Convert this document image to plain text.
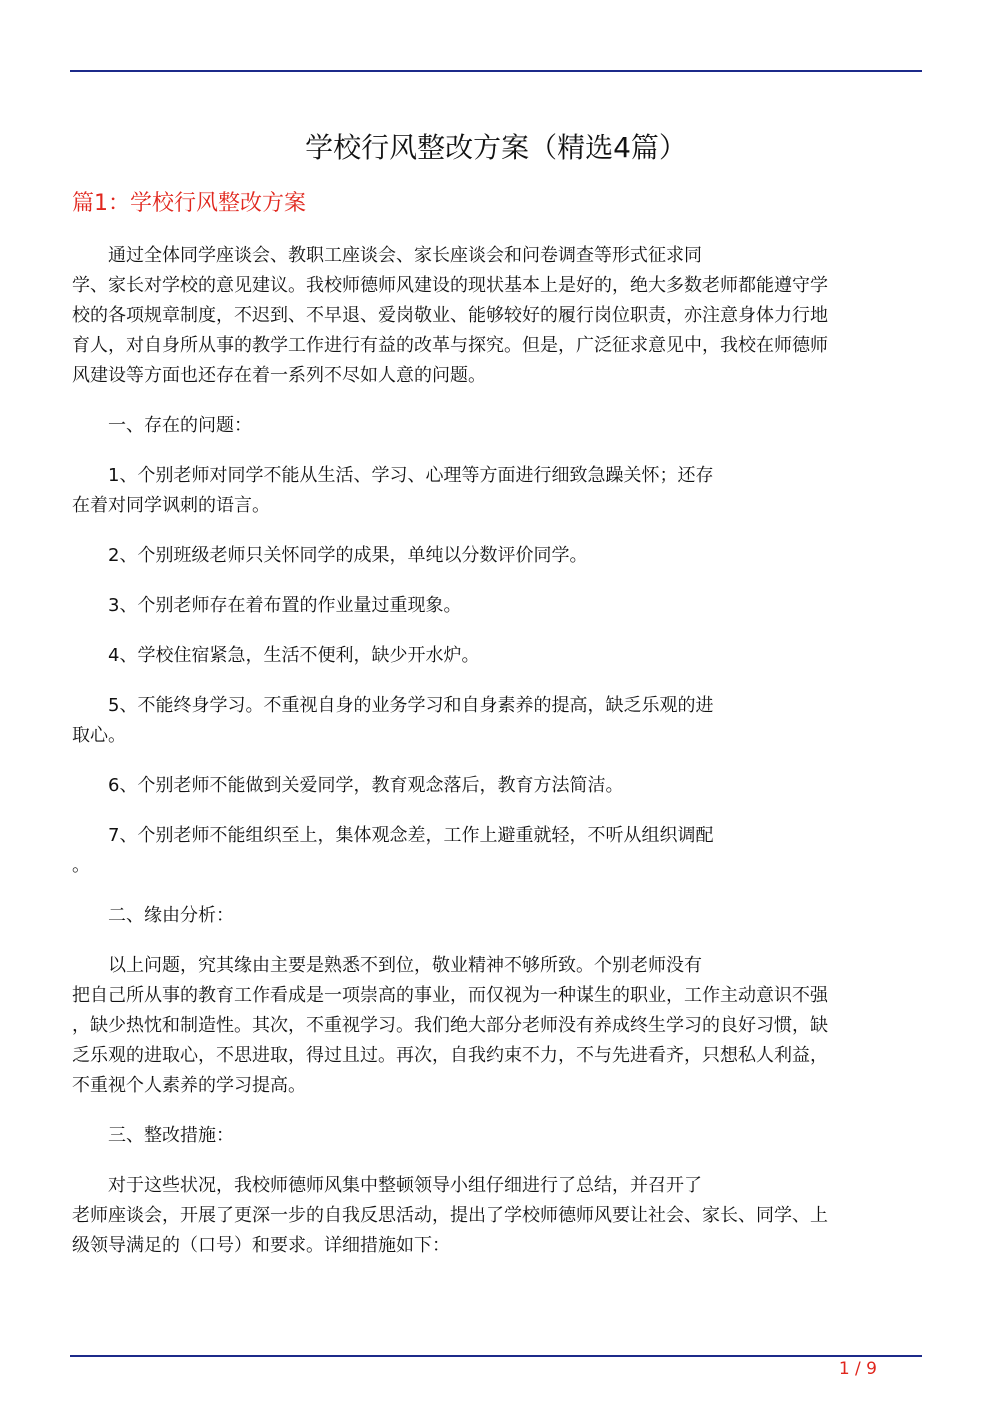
学校行风整改方案（精选4篇）
篇1：学校行风整改方案
通过全体同学座谈会、教职工座谈会、家长座谈会和问卷调查等形式征求同
学、家长对学校的意见建议。我校师德师风建设的现状基本上是好的，绝大多数老师都能遵守学
校的各项规章制度，不迟到、不早退、爱岗敬业、能够较好的履行岗位职责，亦注意身体力行地
育人，对自身所从事的教学工作进行有益的改革与探究。但是，广泛征求意见中，我校在师德师
风建设等方面也还存在着一系列不尽如人意的问题。
一、存在的问题：
1、个别老师对同学不能从生活、学习、心理等方面进行细致急躁关怀；还存
在着对同学讽刺的语言。
2、个别班级老师只关怀同学的成果，单纯以分数评价同学。
3、个别老师存在着布置的作业量过重现象。
4、学校住宿紧急，生活不便利，缺少开水炉。
5、不能终身学习。不重视自身的业务学习和自身素养的提高，缺乏乐观的进
取心。
6、个别老师不能做到关爱同学，教育观念落后，教育方法简洁。
7、个别老师不能组织至上，集体观念差，工作上避重就轻，不听从组织调配
。
二、缘由分析：
以上问题，究其缘由主要是熟悉不到位，敬业精神不够所致。个别老师没有
把自己所从事的教育工作看成是一项崇高的事业，而仅视为一种谋生的职业，工作主动意识不强
，缺少热忱和制造性。其次，不重视学习。我们绝大部分老师没有养成终生学习的良好习惯，缺
乏乐观的进取心，不思进取，得过且过。再次，自我约束不力，不与先进看齐，只想私人利益，
不重视个人素养的学习提高。
三、整改措施：
对于这些状况，我校师德师风集中整顿领导小组仔细进行了总结，并召开了
老师座谈会，开展了更深一步的自我反思活动，提出了学校师德师风要让社会、家长、同学、上
级领导满足的（口号）和要求。详细措施如下：
1 / 9
